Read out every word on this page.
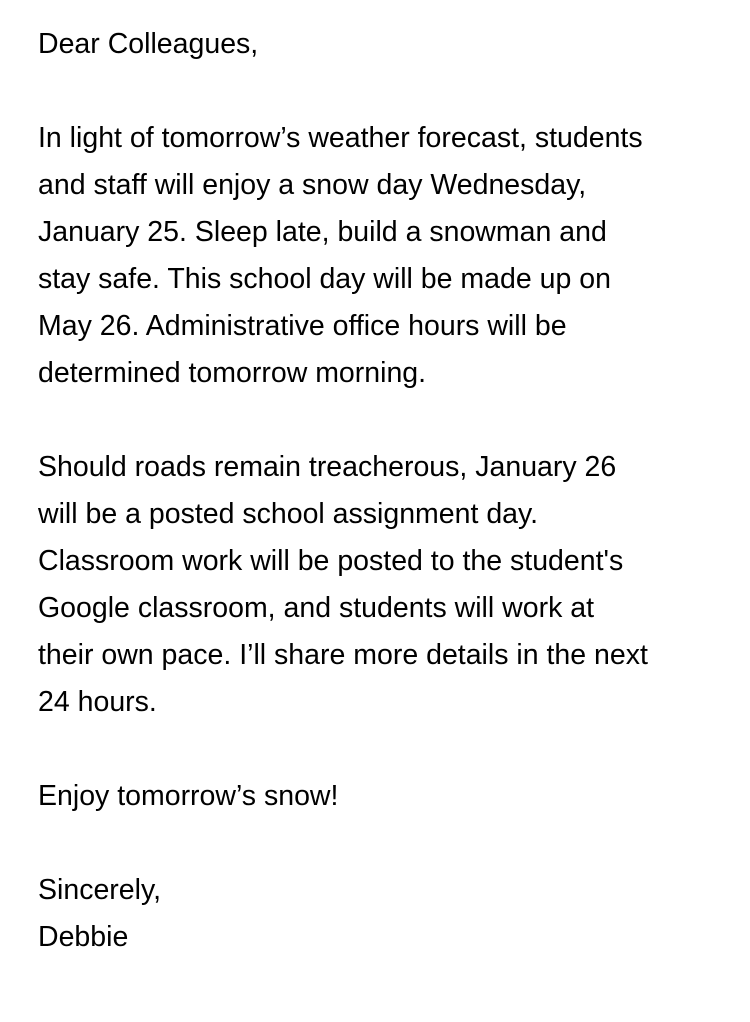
Dear Colleagues,

In light of tomorrow’s weather forecast, students
and staff will enjoy a snow day Wednesday,
January 25. Sleep late, build a snowman and
stay safe. This school day will be made up on
May 26. Administrative office hours will be
determined tomorrow morning.

Should roads remain treacherous, January 26
will be a posted school assignment day.
Classroom work will be posted to the student's
Google classroom, and students will work at
their own pace. I’ll share more details in the next
24 hours.

Enjoy tomorrow’s snow!

Sincerely,
Debbie
